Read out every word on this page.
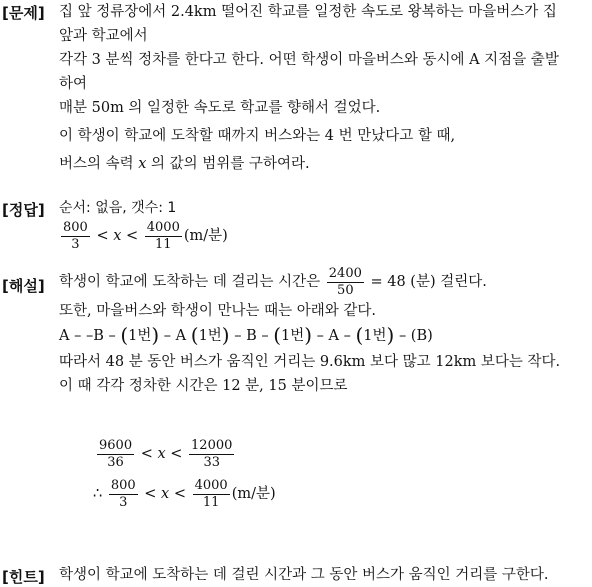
[문제] 집 앞 정류장에서 2.4km 떨어진 학교를 일정한 속도로 왕복하는 마을버스가 집
앞과 학교에서
각각 3 분씩 정차를 한다고 한다. 어떤 학생이 마을버스와 동시에 A 지점을 출발
하여
매분 50m 의 일정한 속도로 학교를 향해서 걸었다.
이 학생이 학교에 도착할 때까지 버스와는 4 번 만났다고 할 때,
버스의 속력 x 의 값의 범위를 구하여라.
[정답] 순서: 없음, 갯수: 1
$\frac{800}{3} < x < \frac{4000}{11} (m/$분)
[해설] 학생이 학교에 도착하는 데 걸리는 시간은 $\frac{2400}{50} = 48$ (분) 걸린다.
또한, 마을버스와 학생이 만나는 때는 아래와 같다.
A – –B – (1번) – A (1번) – B – (1번) – A – (1번) – (B)
따라서 48 분 동안 버스가 움직인 거리는 9.6km 보다 많고 12km 보다는 작다.
이 때 각각 정차한 시간은 12 분, 15 분이므로
$\frac{9600}{36} < x < \frac{12000}{33}$
∴ $\frac{800}{3} < x < \frac{4000}{11} (m/$분)
[힌트] 학생이 학교에 도착하는 데 걸린 시간과 그 동안 버스가 움직인 거리를 구한다.
